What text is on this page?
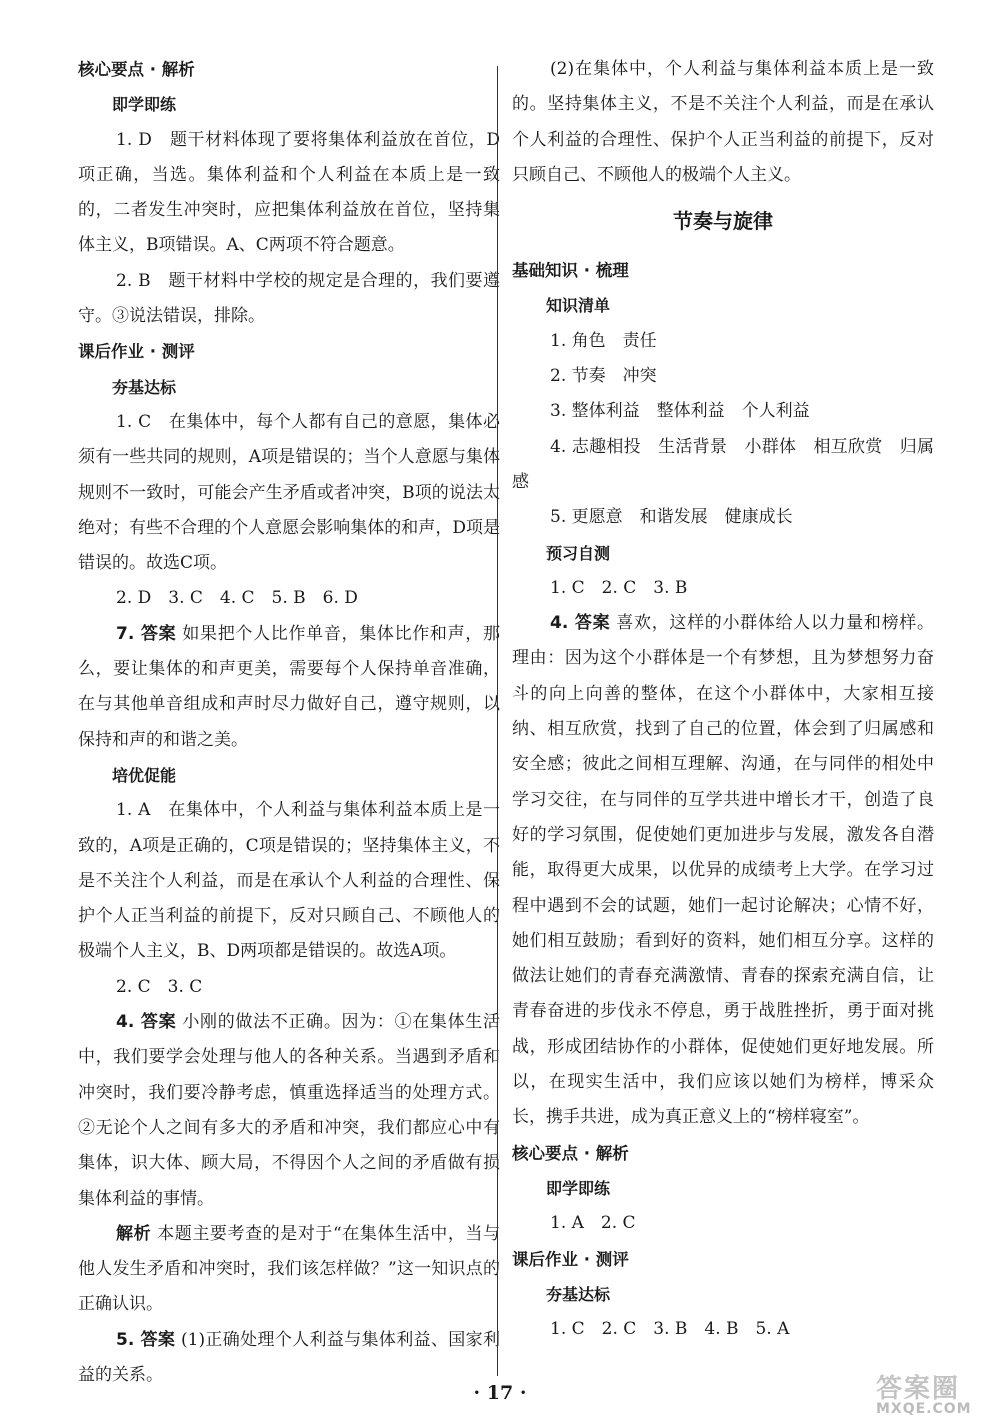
核心要点 · 解析
即学即练
1. D　题干材料体现了要将集体利益放在首位，D项正确，当选。集体利益和个人利益在本质上是一致的，二者发生冲突时，应把集体利益放在首位，坚持集体主义，B项错误。A、C两项不符合题意。
2. B　题干材料中学校的规定是合理的，我们要遵守。③说法错误，排除。
课后作业 · 测评
夯基达标
1. C　在集体中，每个人都有自己的意愿，集体必须有一些共同的规则，A项是错误的；当个人意愿与集体规则不一致时，可能会产生矛盾或者冲突，B项的说法太绝对；有些不合理的个人意愿会影响集体的和声，D项是错误的。故选C项。
2. D　3. C　4. C　5. B　6. D
7. 答案 如果把个人比作单音，集体比作和声，那么，要让集体的和声更美，需要每个人保持单音准确，在与其他单音组成和声时尽力做好自己，遵守规则，以保持和声的和谐之美。
培优促能
1. A　在集体中，个人利益与集体利益本质上是一致的，A项是正确的，C项是错误的；坚持集体主义，不是不关注个人利益，而是在承认个人利益的合理性、保护个人正当利益的前提下，反对只顾自己、不顾他人的极端个人主义，B、D两项都是错误的。故选A项。
2. C　3. C
4. 答案 小刚的做法不正确。因为：①在集体生活中，我们要学会处理与他人的各种关系。当遇到矛盾和冲突时，我们要冷静考虑，慎重选择适当的处理方式。②无论个人之间有多大的矛盾和冲突，我们都应心中有集体，识大体、顾大局，不得因个人之间的矛盾做有损集体利益的事情。
解析 本题主要考查的是对于“在集体生活中，当与他人发生矛盾和冲突时，我们该怎样做？”这一知识点的正确认识。
5. 答案 (1)正确处理个人利益与集体利益、国家利益的关系。
(2)在集体中，个人利益与集体利益本质上是一致的。坚持集体主义，不是不关注个人利益，而是在承认个人利益的合理性、保护个人正当利益的前提下，反对只顾自己、不顾他人的极端个人主义。
节奏与旋律
基础知识 · 梳理
知识清单
1. 角色　责任
2. 节奏　冲突
3. 整体利益　整体利益　个人利益
4. 志趣相投　生活背景　小群体　相互欣赏　归属感
5. 更愿意　和谐发展　健康成长
预习自测
1. C　2. C　3. B
4. 答案 喜欢，这样的小群体给人以力量和榜样。理由：因为这个小群体是一个有梦想，且为梦想努力奋斗的向上向善的整体，在这个小群体中，大家相互接纳、相互欣赏，找到了自己的位置，体会到了归属感和安全感；彼此之间相互理解、沟通，在与同伴的相处中学习交往，在与同伴的互学共进中增长才干，创造了良好的学习氛围，促使她们更加进步与发展，激发各自潜能，取得更大成果，以优异的成绩考上大学。在学习过程中遇到不会的试题，她们一起讨论解决；心情不好，她们相互鼓励；看到好的资料，她们相互分享。这样的做法让她们的青春充满激情、青春的探索充满自信，让青春奋进的步伐永不停息，勇于战胜挫折，勇于面对挑战，形成团结协作的小群体，促使她们更好地发展。所以，在现实生活中，我们应该以她们为榜样，博采众长，携手共进，成为真正意义上的“榜样寝室”。
核心要点 · 解析
即学即练
1. A　2. C
课后作业 · 测评
夯基达标
1. C　2. C　3. B　4. B　5. A
· 17 ·	答案圈
MXQE.COM
